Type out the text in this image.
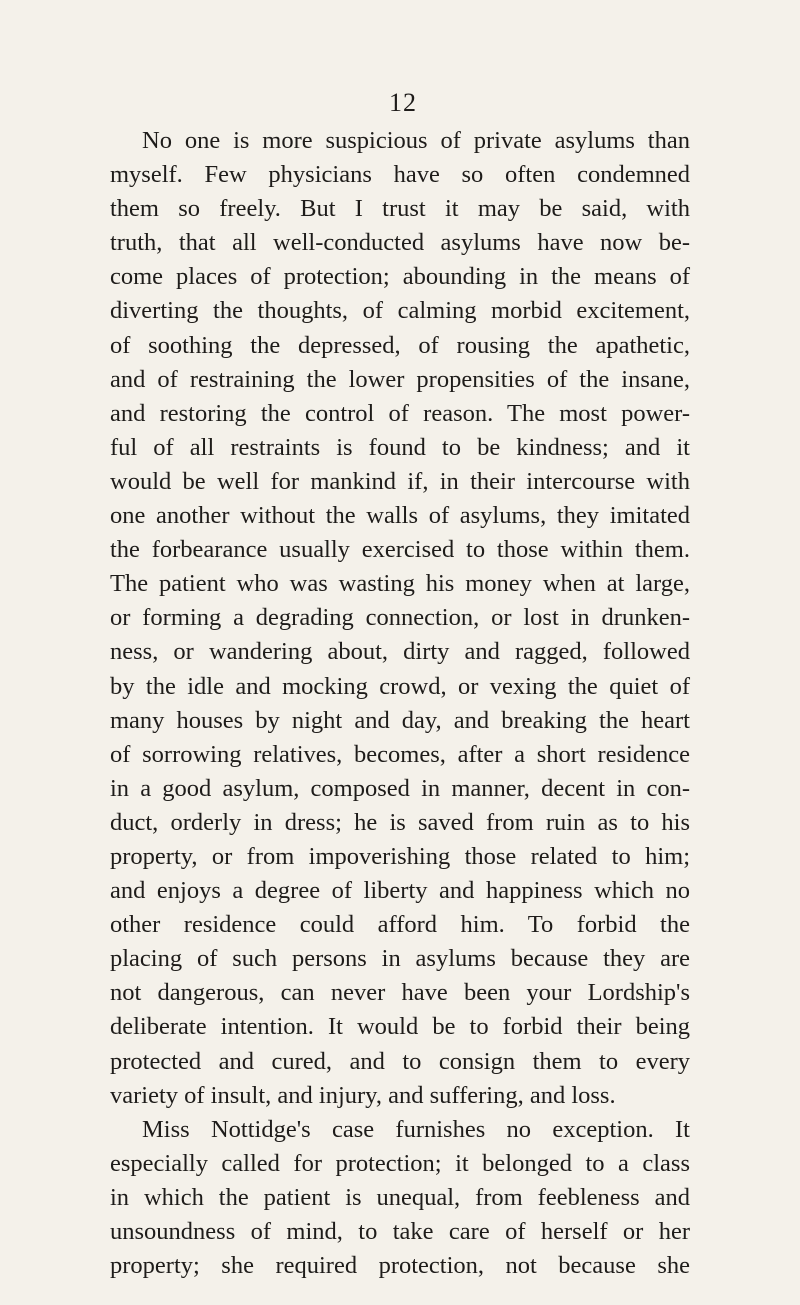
12
No one is more suspicious of private asylums than
myself. Few physicians have so often condemned
them so freely. But I trust it may be said, with
truth, that all well-conducted asylums have now be-
come places of protection; abounding in the means of
diverting the thoughts, of calming morbid excitement,
of soothing the depressed, of rousing the apathetic,
and of restraining the lower propensities of the insane,
and restoring the control of reason. The most power-
ful of all restraints is found to be kindness; and it
would be well for mankind if, in their intercourse with
one another without the walls of asylums, they imitated
the forbearance usually exercised to those within them.
The patient who was wasting his money when at large,
or forming a degrading connection, or lost in drunken-
ness, or wandering about, dirty and ragged, followed
by the idle and mocking crowd, or vexing the quiet of
many houses by night and day, and breaking the heart
of sorrowing relatives, becomes, after a short residence
in a good asylum, composed in manner, decent in con-
duct, orderly in dress; he is saved from ruin as to his
property, or from impoverishing those related to him;
and enjoys a degree of liberty and happiness which no
other residence could afford him. To forbid the
placing of such persons in asylums because they are
not dangerous, can never have been your Lordship's
deliberate intention. It would be to forbid their being
protected and cured, and to consign them to every
variety of insult, and injury, and suffering, and loss.
Miss Nottidge's case furnishes no exception. It
especially called for protection; it belonged to a class
in which the patient is unequal, from feebleness and
unsoundness of mind, to take care of herself or her
property; she required protection, not because she
